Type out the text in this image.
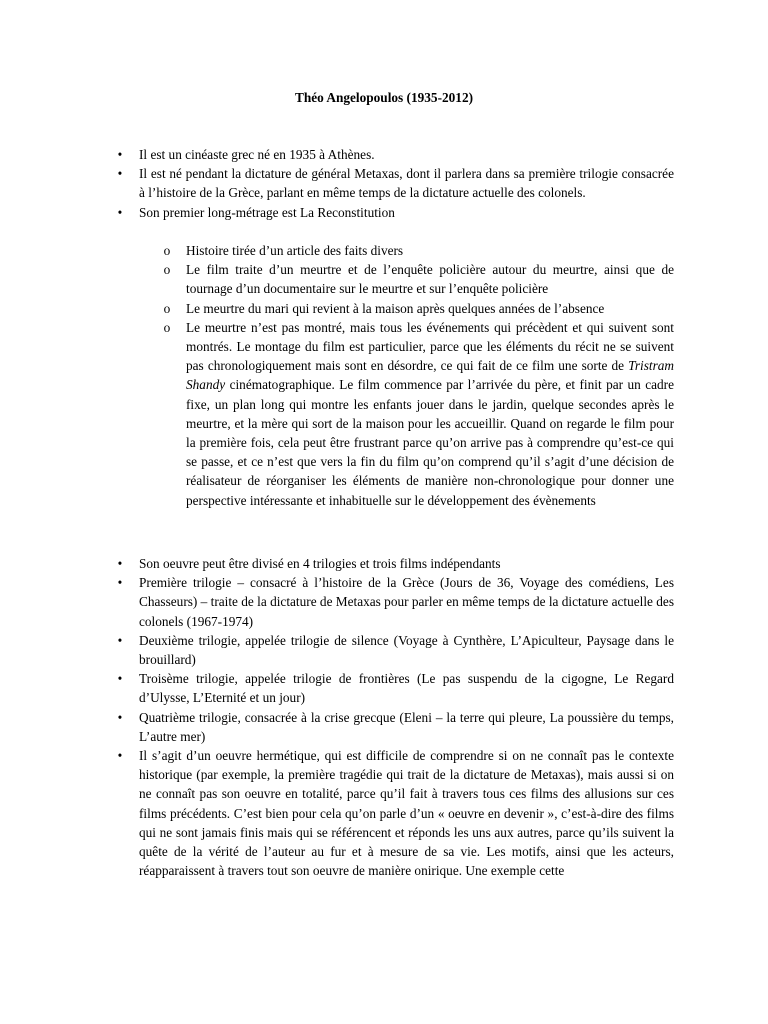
Théo Angelopoulos (1935-2012)

• Il est un cinéaste grec né en 1935 à Athènes.
• Il est né pendant la dictature de général Metaxas, dont il parlera dans sa première trilogie consacrée à l’histoire de la Grèce, parlant en même temps de la dictature actuelle des colonels.
• Son premier long-métrage est La Reconstitution
o Histoire tirée d’un article des faits divers
o Le film traite d’un meurtre et de l’enquête policière autour du meurtre, ainsi que de tournage d’un documentaire sur le meurtre et sur l’enquête policière
o Le meurtre du mari qui revient à la maison après quelques années de l’absence
o Le meurtre n’est pas montré, mais tous les événements qui précèdent et qui suivent sont montrés. Le montage du film est particulier, parce que les éléments du récit ne se suivent pas chronologiquement mais sont en désordre, ce qui fait de ce film une sorte de Tristram Shandy cinématographique. Le film commence par l’arrivée du père, et finit par un cadre fixe, un plan long qui montre les enfants jouer dans le jardin, quelque secondes après le meurtre, et la mère qui sort de la maison pour les accueillir. Quand on regarde le film pour la première fois, cela peut être frustrant parce qu’on arrive pas à comprendre qu’est-ce qui se passe, et ce n’est que vers la fin du film qu’on comprend qu’il s’agit d’une décision de réalisateur de réorganiser les éléments de manière non-chronologique pour donner une perspective intéressante et inhabituelle sur le développement des évènements
• Son oeuvre peut être divisé en 4 trilogies et trois films indépendants
• Première trilogie – consacré à l’histoire de la Grèce (Jours de 36, Voyage des comédiens, Les Chasseurs) – traite de la dictature de Metaxas pour parler en même temps de la dictature actuelle des colonels (1967-1974)
• Deuxième trilogie, appelée trilogie de silence (Voyage à Cynthère, L’Apiculteur, Paysage dans le brouillard)
• Troisème trilogie, appelée trilogie de frontières (Le pas suspendu de la cigogne, Le Regard d’Ulysse, L’Eternité et un jour)
• Quatrième trilogie, consacrée à la crise grecque (Eleni – la terre qui pleure, La poussière du temps, L’autre mer)
• Il s’agit d’un oeuvre hermétique, qui est difficile de comprendre si on ne connaît pas le contexte historique (par exemple, la première tragédie qui trait de la dictature de Metaxas), mais aussi si on ne connaît pas son oeuvre en totalité, parce qu’il fait à travers tous ces films des allusions sur ces films précédents. C’est bien pour cela qu’on parle d’un « oeuvre en devenir », c’est-à-dire des films qui ne sont jamais finis mais qui se référencent et réponds les uns aux autres, parce qu’ils suivent la quête de la vérité de l’auteur au fur et à mesure de sa vie. Les motifs, ainsi que les acteurs, réapparaissent à travers tout son oeuvre de manière onirique. Une exemple cette
